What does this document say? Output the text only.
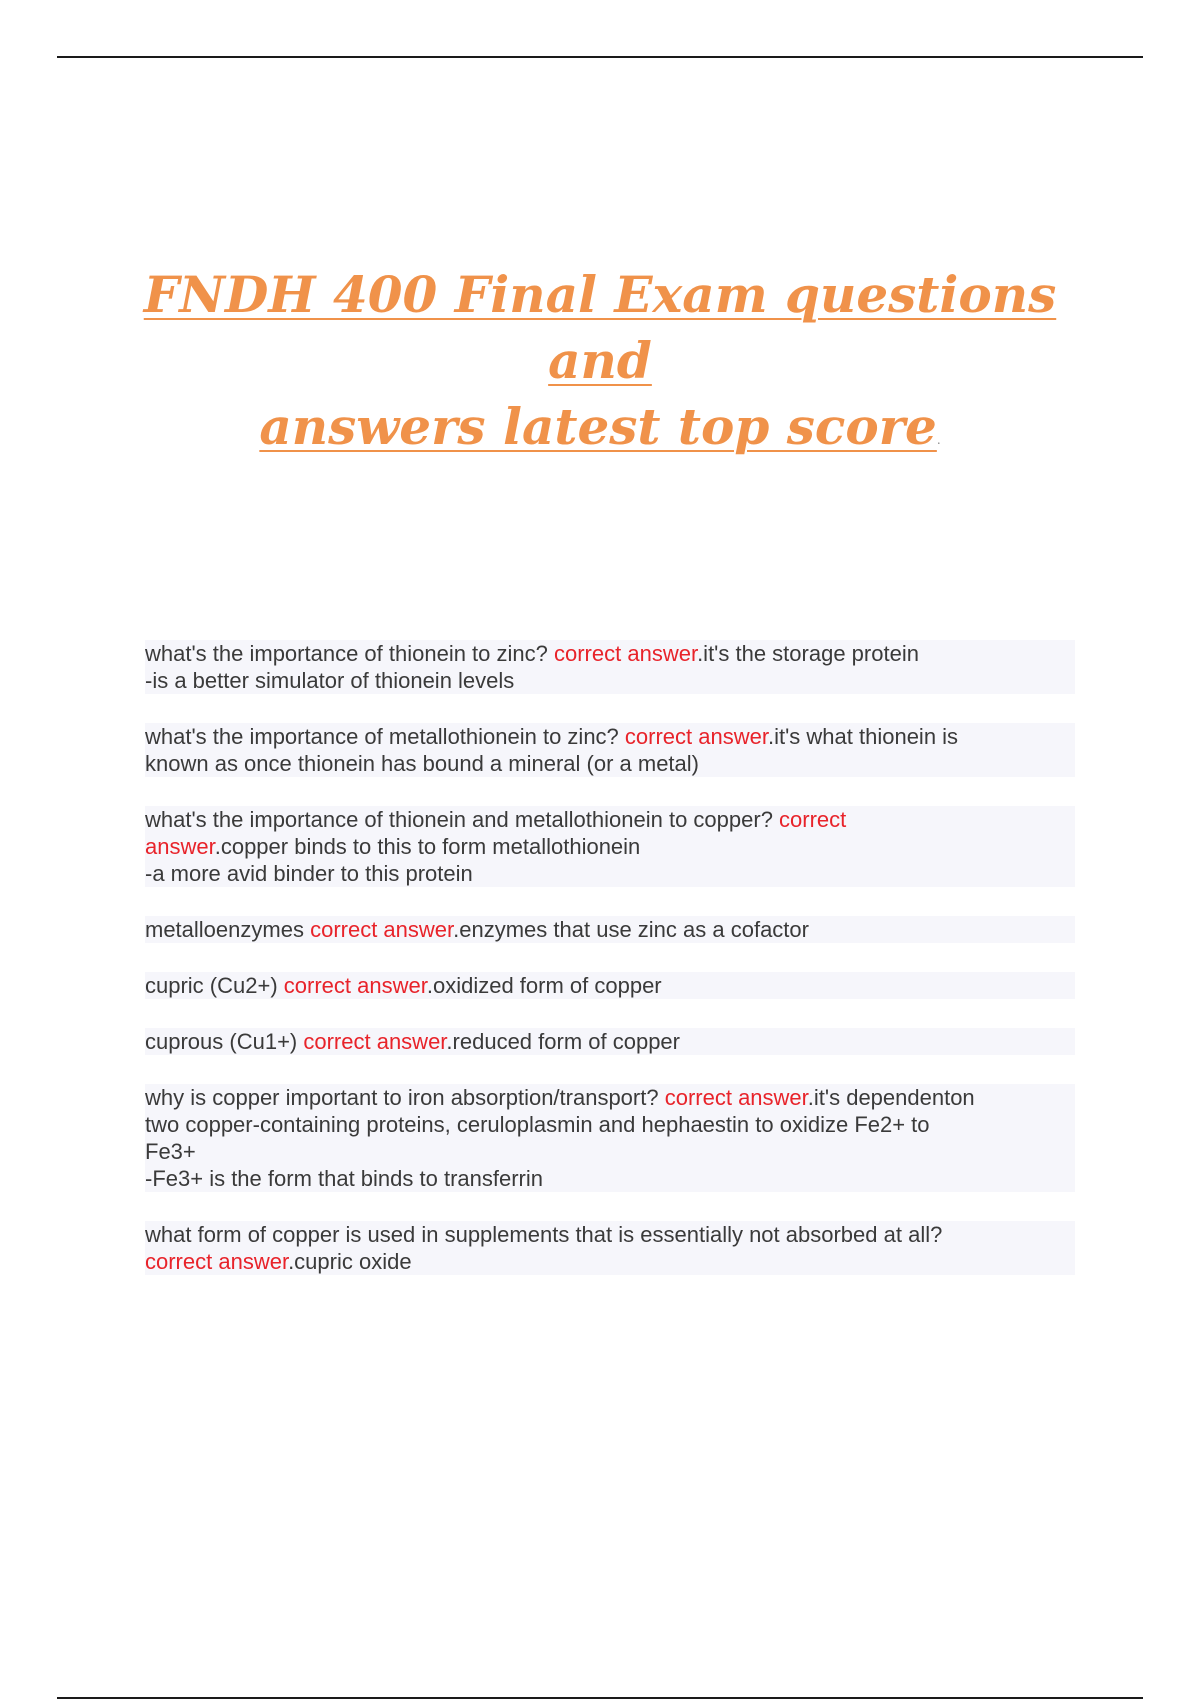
FNDH 400 Final Exam questions and
answers latest top score.
what's the importance of thionein to zinc? correct answer.it's the storage protein
-is a better simulator of thionein levels
what's the importance of metallothionein to zinc? correct answer.it's what thionein is
known as once thionein has bound a mineral (or a metal)
what's the importance of thionein and metallothionein to copper? correct
answer.copper binds to this to form metallothionein
-a more avid binder to this protein
metalloenzymes correct answer.enzymes that use zinc as a cofactor
cupric (Cu2+) correct answer.oxidized form of copper
cuprous (Cu1+) correct answer.reduced form of copper
why is copper important to iron absorption/transport? correct answer.it's dependenton
two copper-containing proteins, ceruloplasmin and hephaestin to oxidize Fe2+ to
Fe3+
-Fe3+ is the form that binds to transferrin
what form of copper is used in supplements that is essentially not absorbed at all?
correct answer.cupric oxide
